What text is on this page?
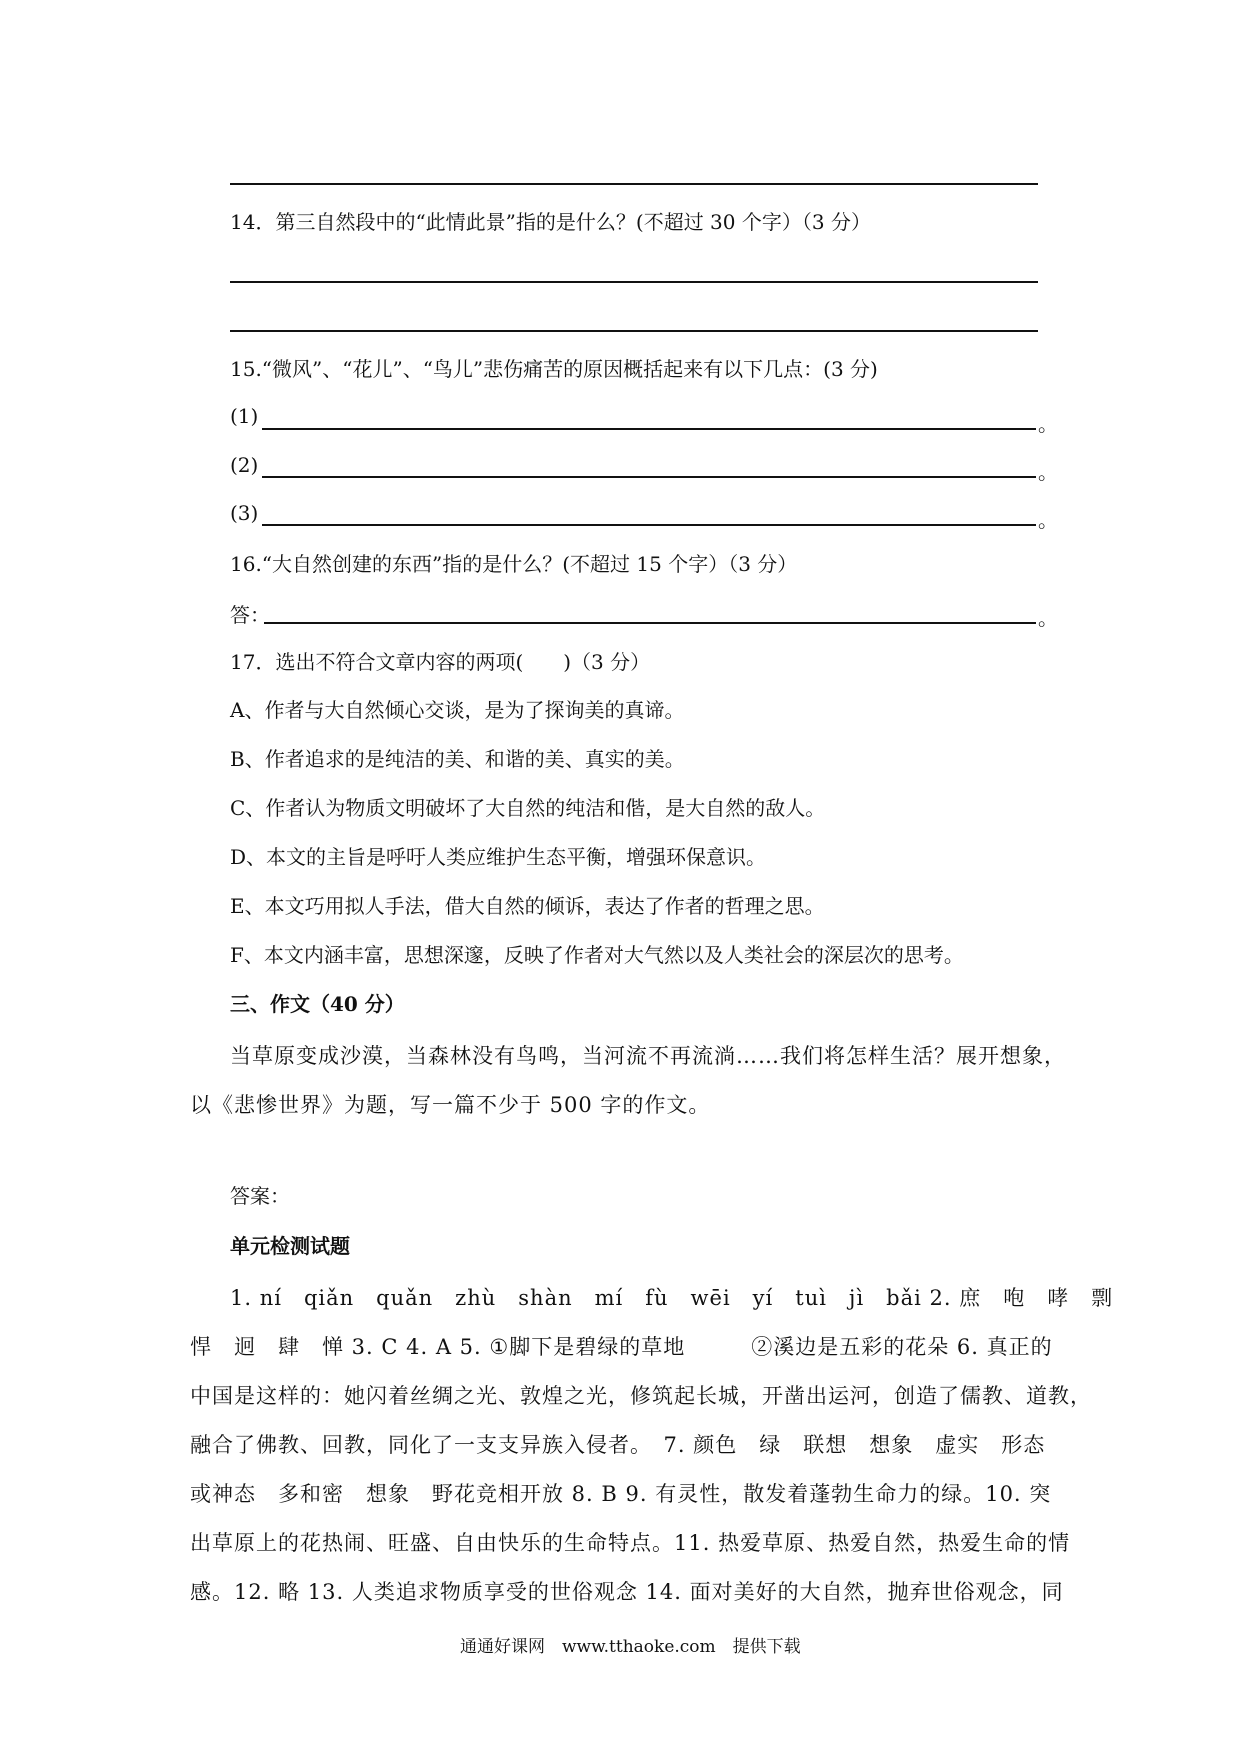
14．第三自然段中的“此情此景”指的是什么？(不超过 30 个字）（3 分）
15.“微风”、“花儿”、“鸟儿”悲伤痛苦的原因概括起来有以下几点：(3 分)
(1)	。
(2)	。
(3)	。
16.“大自然创建的东西”指的是什么？(不超过 15 个字）（3 分）
答：	。
17．选出不符合文章内容的两项(　　)（3 分）
A、作者与大自然倾心交谈，是为了探询美的真谛。
B、作者追求的是纯洁的美、和谐的美、真实的美。
C、作者认为物质文明破坏了大自然的纯洁和偕，是大自然的敌人。
D、本文的主旨是呼吁人类应维护生态平衡，增强环保意识。
E、本文巧用拟人手法，借大自然的倾诉，表达了作者的哲理之思。
F、本文内涵丰富，思想深邃，反映了作者对大气然以及人类社会的深层次的思考。
三、作文（40 分）
当草原变成沙漠，当森林没有鸟鸣，当河流不再流淌……我们将怎样生活？展开想象，
以《悲惨世界》为题，写一篇不少于 500 字的作文。
答案：
单元检测试题
1. ní　qiǎn　quǎn　zhù　shàn　mí　fù　wēi　yí　tuì　jì　bǎi 2. 庶　咆　哮　剽
悍　迥　肆　惮 3. C 4. A 5. ①脚下是碧绿的草地　　　②溪边是五彩的花朵 6. 真正的
中国是这样的：她闪着丝绸之光、敦煌之光，修筑起长城，开凿出运河，创造了儒教、道教，
融合了佛教、回教，同化了一支支异族入侵者。　7. 颜色　绿　联想　想象　虚实　形态
或神态　多和密　想象　野花竞相开放 8. B 9. 有灵性，散发着蓬勃生命力的绿。10. 突
出草原上的花热闹、旺盛、自由快乐的生命特点。11. 热爱草原、热爱自然，热爱生命的情
感。12. 略 13. 人类追求物质享受的世俗观念 14. 面对美好的大自然，抛弃世俗观念，同
通通好课网　www.tthaoke.com　提供下载
